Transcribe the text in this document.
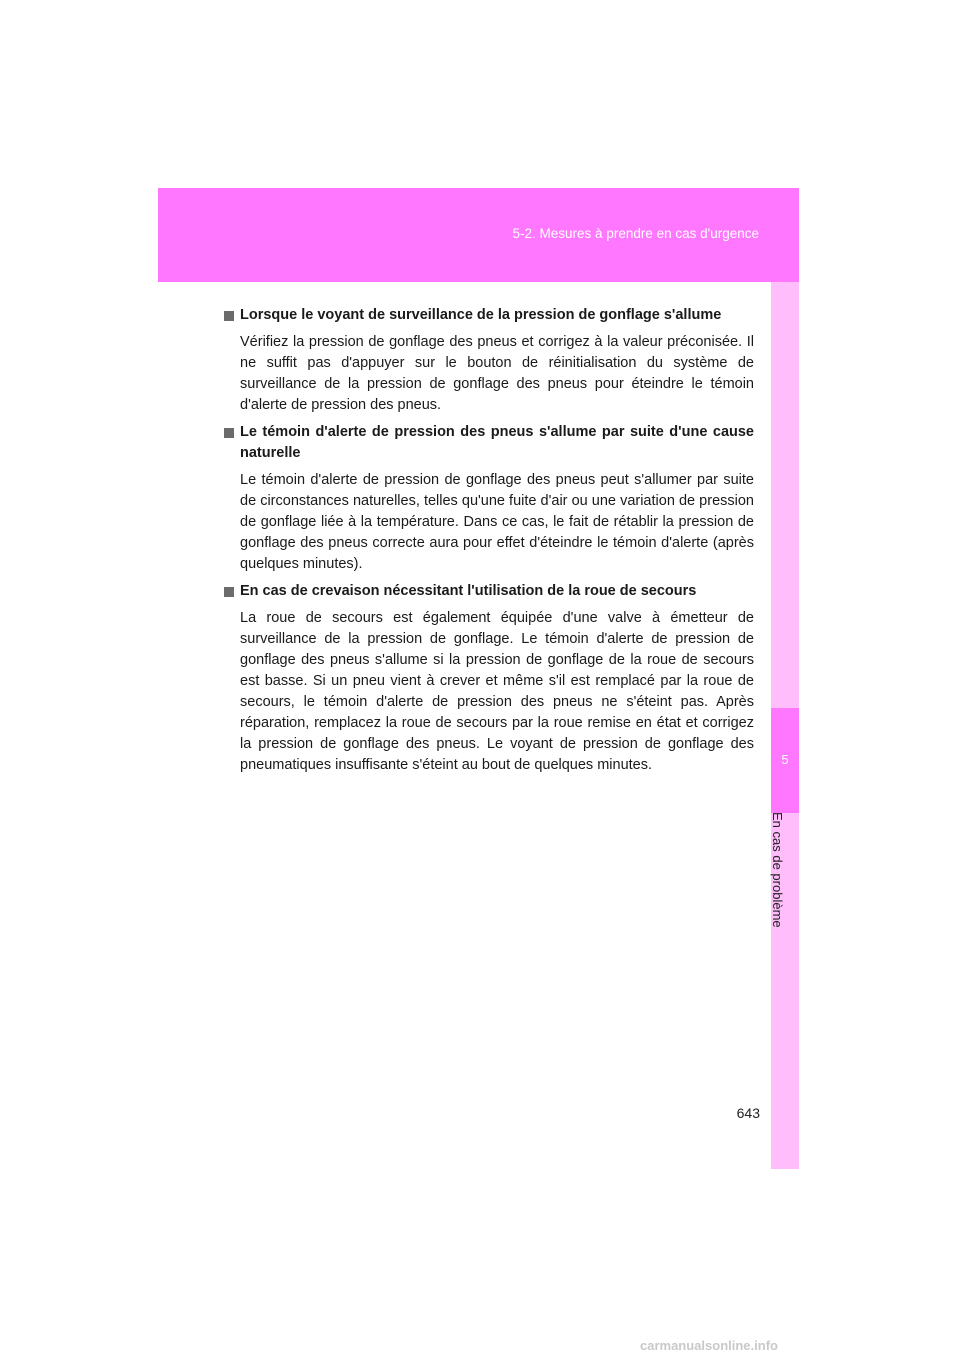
5-2. Mesures à prendre en cas d'urgence
5
En cas de problème
Lorsque le voyant de surveillance de la pression de gonflage s'allume
Vérifiez la pression de gonflage des pneus et corrigez à la valeur préconisée. Il ne suffit pas d'appuyer sur le bouton de réinitialisation du système de surveillance de la pression de gonflage des pneus pour éteindre le témoin d'alerte de pression des pneus.
Le témoin d'alerte de pression des pneus s'allume par suite d'une cause naturelle
Le témoin d'alerte de pression de gonflage des pneus peut s'allumer par suite de circonstances naturelles, telles qu'une fuite d'air ou une variation de pression de gonflage liée à la température. Dans ce cas, le fait de rétablir la pression de gonflage des pneus correcte aura pour effet d'éteindre le témoin d'alerte (après quelques minutes).
En cas de crevaison nécessitant l'utilisation de la roue de secours
La roue de secours est également équipée d'une valve à émetteur de surveillance de la pression de gonflage. Le témoin d'alerte de pression de gonflage des pneus s'allume si la pression de gonflage de la roue de secours est basse. Si un pneu vient à crever et même s'il est remplacé par la roue de secours, le témoin d'alerte de pression des pneus ne s'éteint pas. Après réparation, remplacez la roue de secours par la roue remise en état et corrigez la pression de gonflage des pneus. Le voyant de pression de gonflage des pneumatiques insuffisante s'éteint au bout de quelques minutes.
643
carmanualsonline.info
